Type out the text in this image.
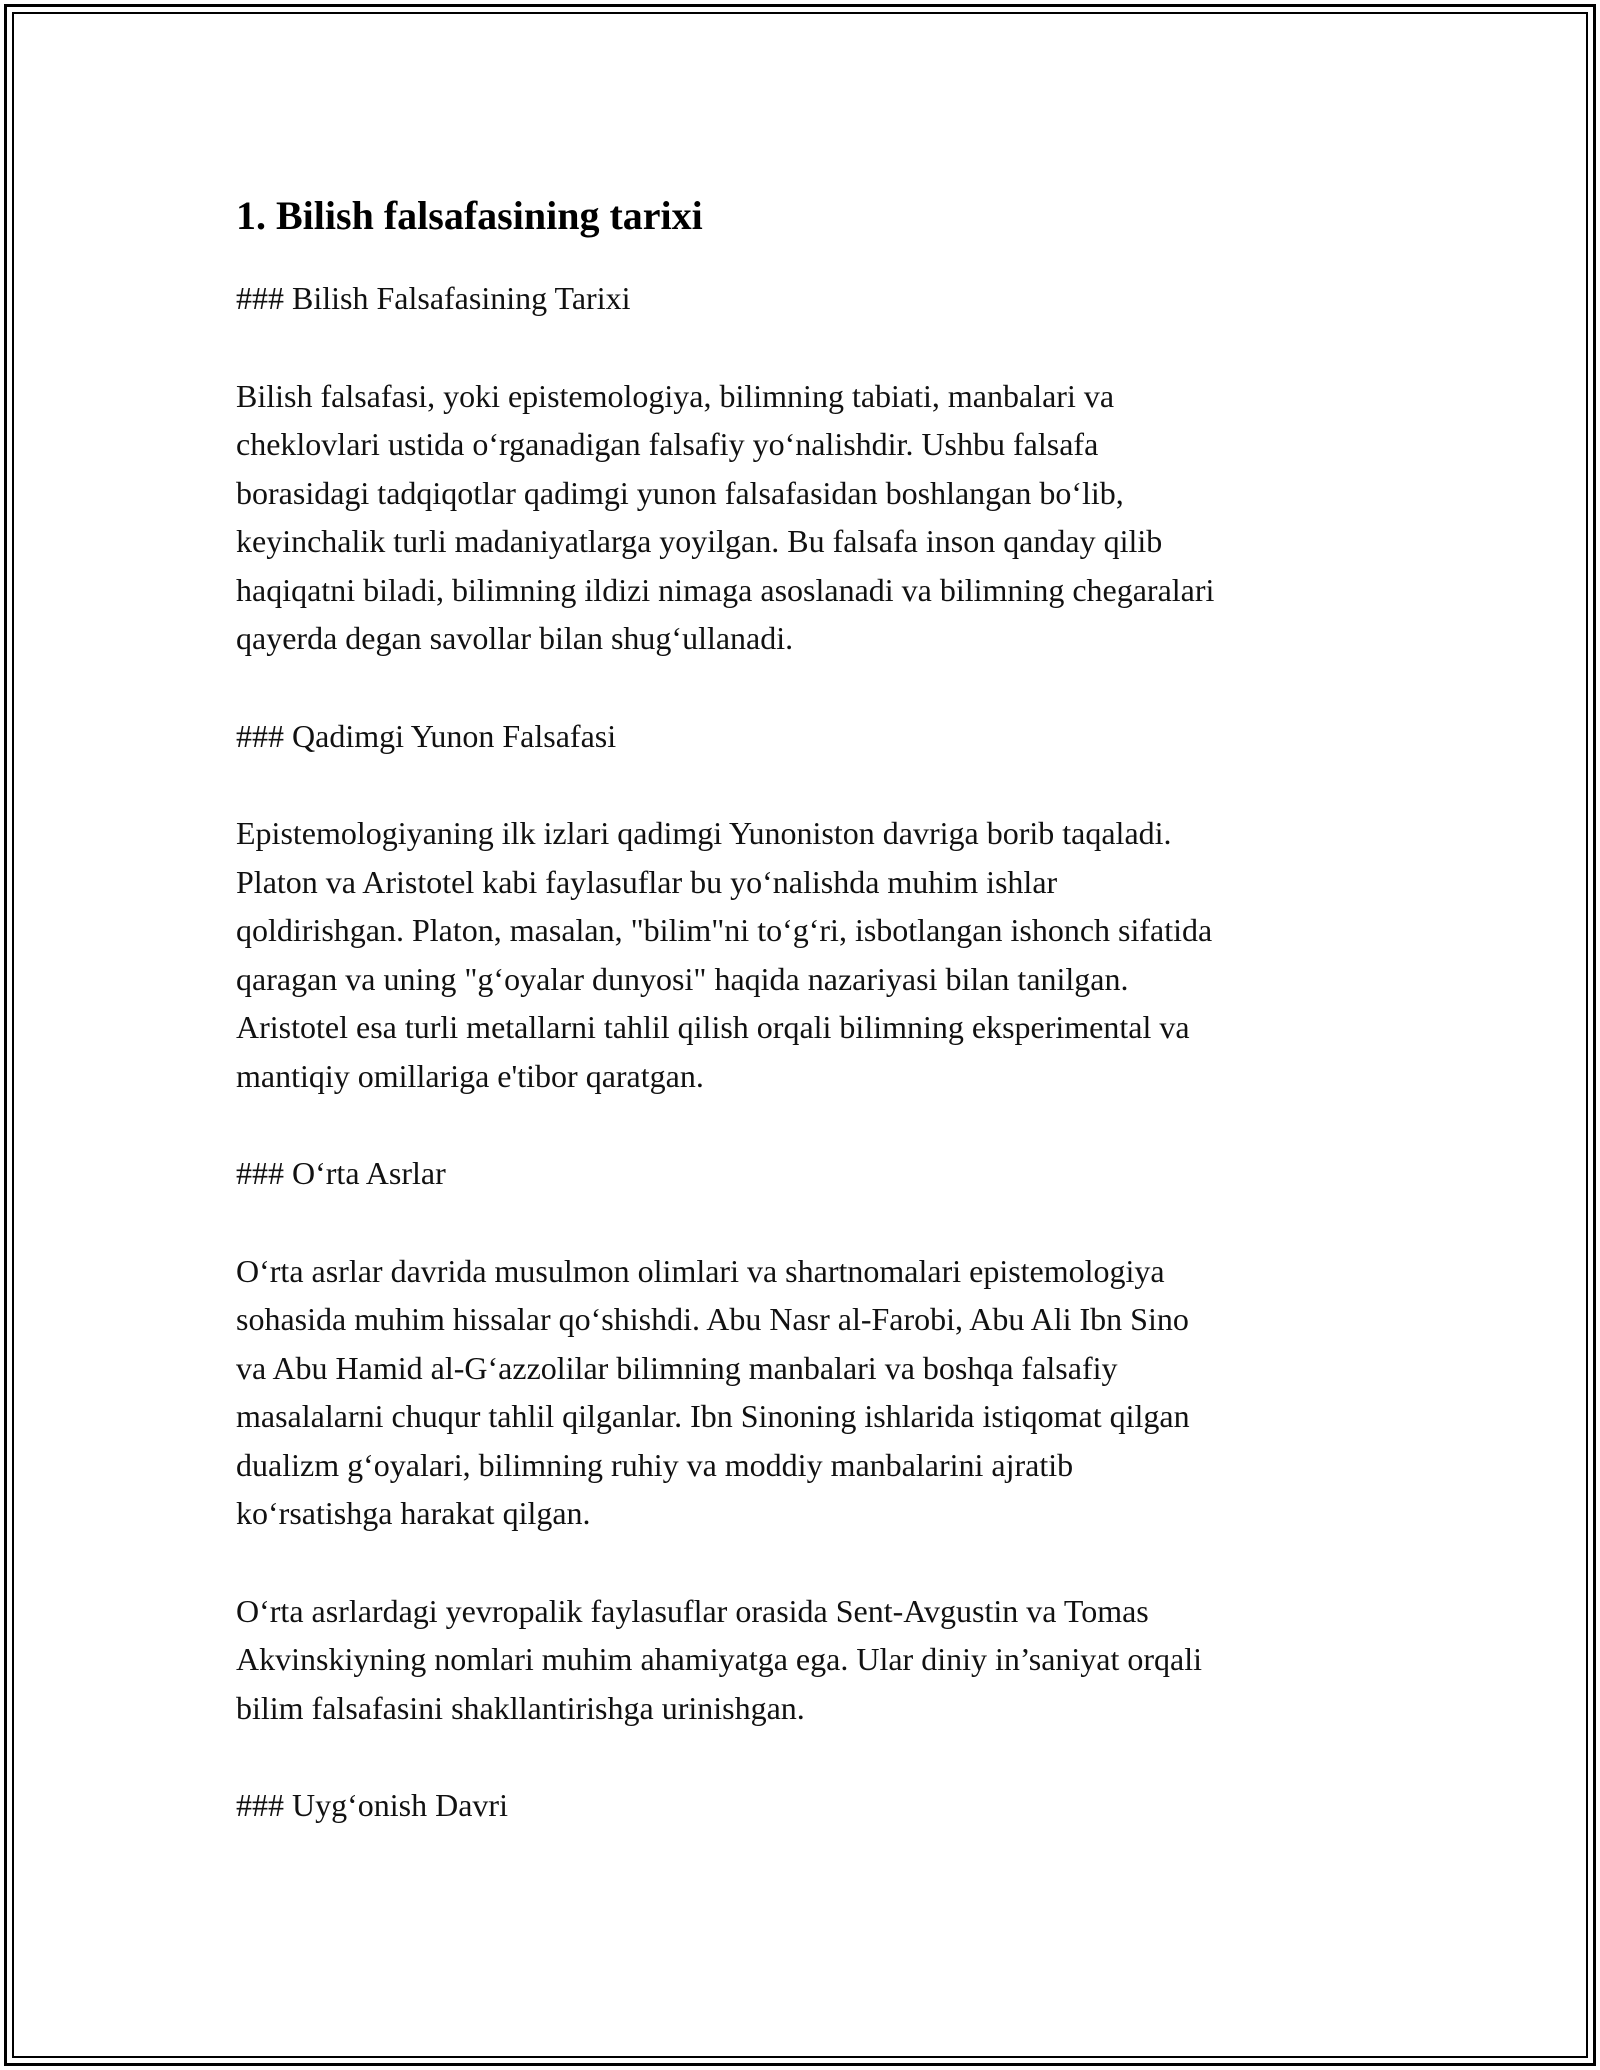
1. Bilish falsafasining tarixi

### Bilish Falsafasining Tarixi

Bilish falsafasi, yoki epistemologiya, bilimning tabiati, manbalari va
cheklovlari ustida o‘rganadigan falsafiy yo‘nalishdir. Ushbu falsafa
borasidagi tadqiqotlar qadimgi yunon falsafasidan boshlangan bo‘lib,
keyinchalik turli madaniyatlarga yoyilgan. Bu falsafa inson qanday qilib
haqiqatni biladi, bilimning ildizi nimaga asoslanadi va bilimning chegaralari
qayerda degan savollar bilan shug‘ullanadi.

### Qadimgi Yunon Falsafasi

Epistemologiyaning ilk izlari qadimgi Yunoniston davriga borib taqaladi.
Platon va Aristotel kabi faylasuflar bu yo‘nalishda muhim ishlar
qoldirishgan. Platon, masalan, "bilim"ni to‘g‘ri, isbotlangan ishonch sifatida
qaragan va uning "g‘oyalar dunyosi" haqida nazariyasi bilan tanilgan.
Aristotel esa turli metallarni tahlil qilish orqali bilimning eksperimental va
mantiqiy omillariga e'tibor qaratgan.

### O‘rta Asrlar

O‘rta asrlar davrida musulmon olimlari va shartnomalari epistemologiya
sohasida muhim hissalar qo‘shishdi. Abu Nasr al-Farobi, Abu Ali Ibn Sino
va Abu Hamid al-G‘azzolilar bilimning manbalari va boshqa falsafiy
masalalarni chuqur tahlil qilganlar. Ibn Sinoning ishlarida istiqomat qilgan
dualizm g‘oyalari, bilimning ruhiy va moddiy manbalarini ajratib
ko‘rsatishga harakat qilgan.

O‘rta asrlardagi yevropalik faylasuflar orasida Sent-Avgustin va Tomas
Akvinskiyning nomlari muhim ahamiyatga ega. Ular diniy in’saniyat orqali
bilim falsafasini shakllantirishga urinishgan.

### Uyg‘onish Davri
